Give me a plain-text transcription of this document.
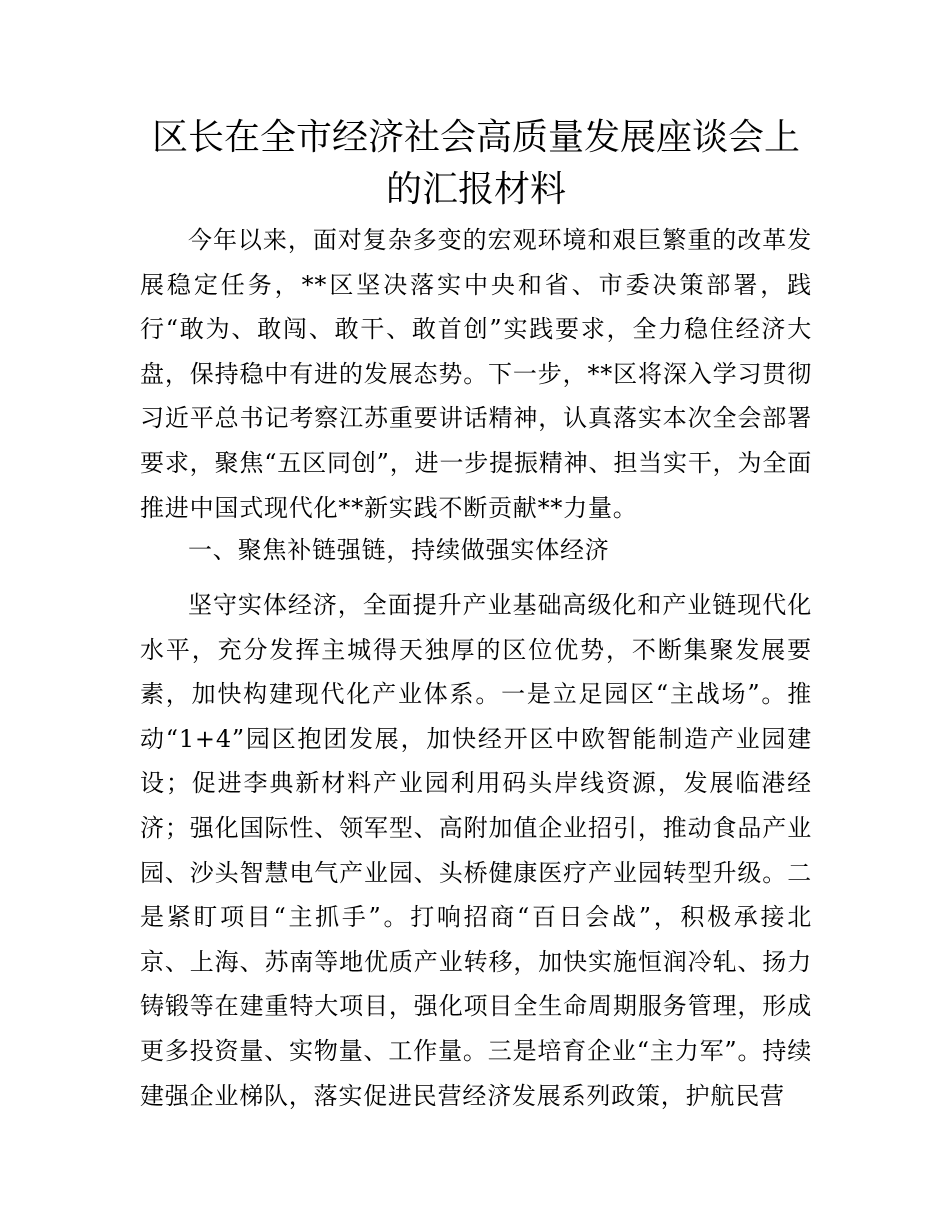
区长在全市经济社会高质量发展座谈会上的汇报材料

今年以来，面对复杂多变的宏观环境和艰巨繁重的改革发展稳定任务，**区坚决落实中央和省、市委决策部署，践行“敢为、敢闯、敢干、敢首创”实践要求，全力稳住经济大盘，保持稳中有进的发展态势。下一步，**区将深入学习贯彻习近平总书记考察江苏重要讲话精神，认真落实本次全会部署要求，聚焦“五区同创”，进一步提振精神、担当实干，为全面推进中国式现代化**新实践不断贡献**力量。

一、聚焦补链强链，持续做强实体经济

坚守实体经济，全面提升产业基础高级化和产业链现代化水平，充分发挥主城得天独厚的区位优势，不断集聚发展要素，加快构建现代化产业体系。一是立足园区“主战场”。推动“1+4”园区抱团发展，加快经开区中欧智能制造产业园建设；促进李典新材料产业园利用码头岸线资源，发展临港经济；强化国际性、领军型、高附加值企业招引，推动食品产业园、沙头智慧电气产业园、头桥健康医疗产业园转型升级。二是紧盯项目“主抓手”。打响招商“百日会战”，积极承接北京、上海、苏南等地优质产业转移，加快实施恒润冷轧、扬力铸锻等在建重特大项目，强化项目全生命周期服务管理，形成更多投资量、实物量、工作量。三是培育企业“主力军”。持续建强企业梯队，落实促进民营经济发展系列政策，护航民营
